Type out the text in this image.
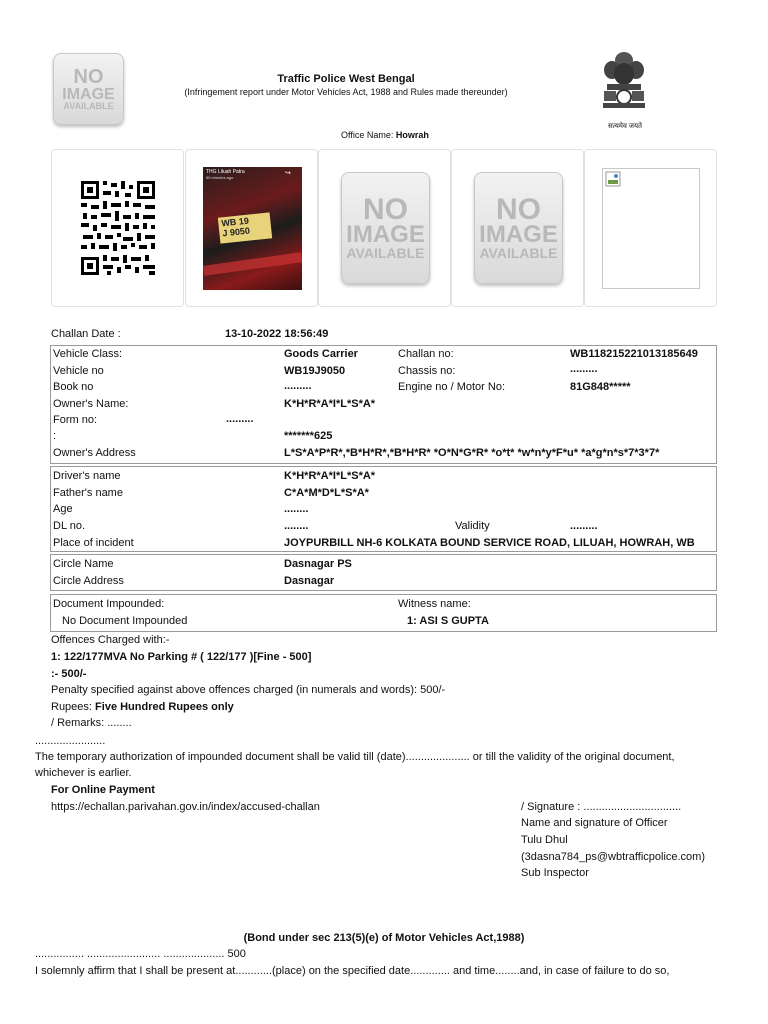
NO
IMAGE
AVAILABLE
Traffic Police West Bengal
(Infringement report under Motor Vehicles Act, 1988 and Rules made thereunder)
सत्यमेव जयते
Office Name: Howrah
THG Liluah Patra
55 minutes ago
↪
WB 19
J 9050
NO
IMAGE
AVAILABLE
NO
IMAGE
AVAILABLE
Challan Date :	13-10-2022 18:56:49
Vehicle Class:	Goods Carrier	Challan no:	WB118215221013185649
Vehicle no	WB19J9050	Chassis no:	.........
Book no	.........	Engine no / Motor No:	81G848*****
Owner's Name:	K*H*R*A*I*L*S*A*
Form no:	.........
:	*******625
Owner's Address	L*S*A*P*R*,*B*H*R*,*B*H*R* *O*N*G*R* *o*t* *w*n*y*F*u* *a*g*n*s*7*3*7*
Driver's name	K*H*R*A*I*L*S*A*
Father's name	C*A*M*D*L*S*A*
Age	........
DL no.	........	Validity	.........
Place of incident	JOYPURBILL NH-6 KOLKATA BOUND SERVICE ROAD, LILUAH, HOWRAH, WB
Circle Name	Dasnagar PS
Circle Address	Dasnagar
Document Impounded:	Witness name:
No Document Impounded	1: ASI S GUPTA
Offences Charged with:-
1: 122/177MVA No Parking # ( 122/177 )[Fine - 500]
:- 500/-
Penalty specified against above offences charged (in numerals and words): 500/-
Rupees: Five Hundred Rupees only
/ Remarks: ........
.......................
The temporary authorization of impounded document shall be valid till (date)..................... or till the validity of the original document,
whichever is earlier.
For Online Payment
https://echallan.parivahan.gov.in/index/accused-challan	/ Signature : ................................
Name and signature of Officer
Tulu Dhul
(3dasna784_ps@wbtrafficpolice.com)
Sub Inspector
(Bond under sec 213(5)(e) of Motor Vehicles Act,1988)
................ ........................ .................... 500
I solemnly affirm that I shall be present at............(place) on the specified date............. and time........and, in case of failure to do so,
